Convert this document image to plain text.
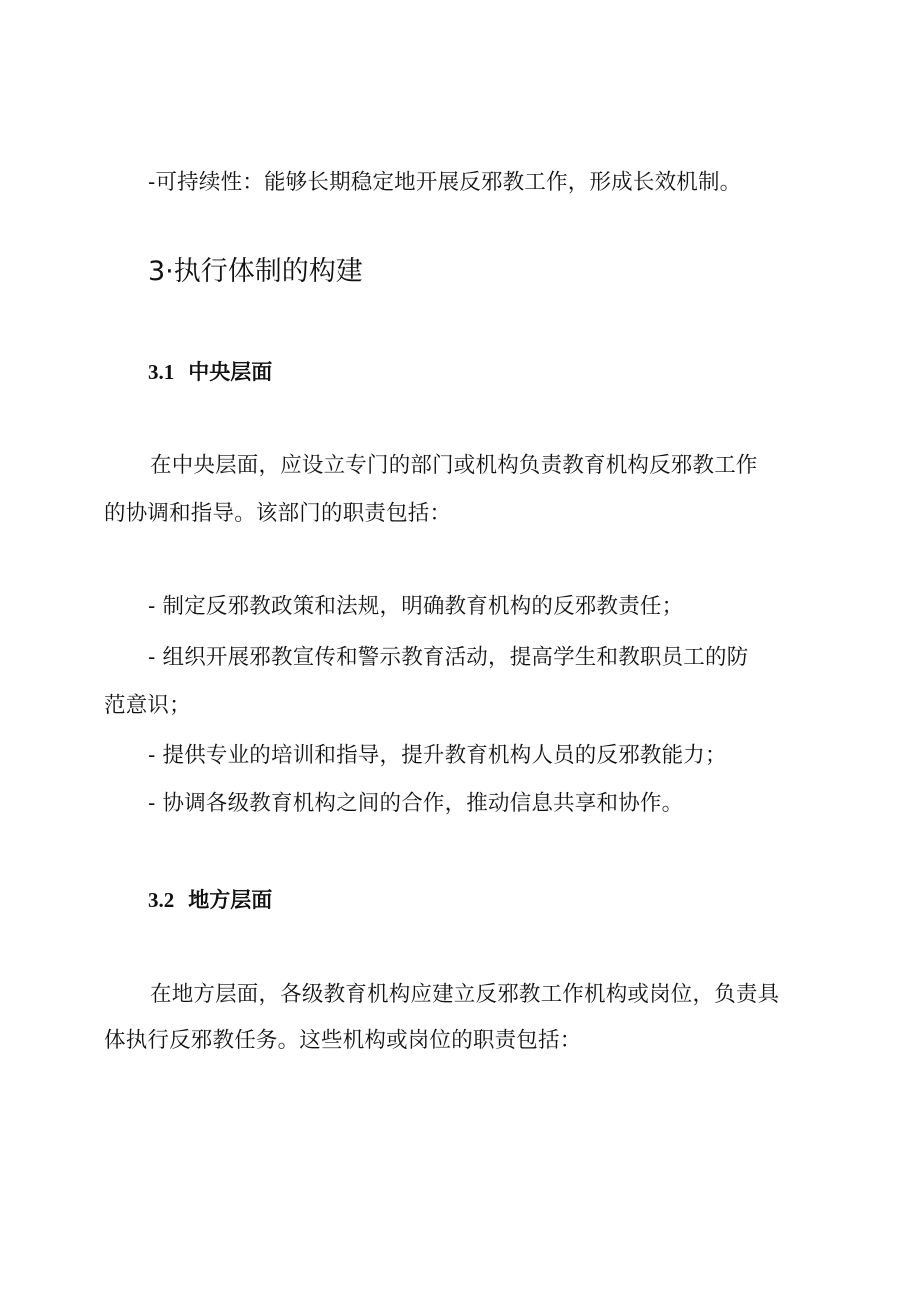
-可持续性：能够长期稳定地开展反邪教工作，形成长效机制。
3·执行体制的构建
3.1 中央层面
在中央层面，应设立专门的部门或机构负责教育机构反邪教工作
的协调和指导。该部门的职责包括：
- 制定反邪教政策和法规，明确教育机构的反邪教责任；
- 组织开展邪教宣传和警示教育活动，提高学生和教职员工的防
范意识；
- 提供专业的培训和指导，提升教育机构人员的反邪教能力；
- 协调各级教育机构之间的合作，推动信息共享和协作。
3.2 地方层面
在地方层面，各级教育机构应建立反邪教工作机构或岗位，负责具
体执行反邪教任务。这些机构或岗位的职责包括：
